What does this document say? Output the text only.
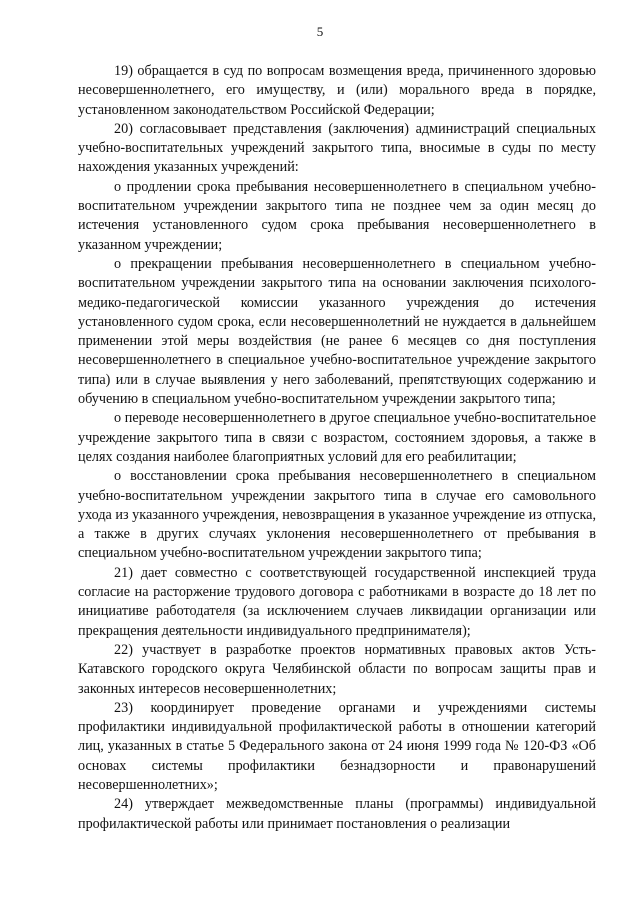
5

19) обращается в суд по вопросам возмещения вреда, причиненного здоровью несовершеннолетнего, его имуществу, и (или) морального вреда в порядке, установленном законодательством Российской Федерации;

20) согласовывает представления (заключения) администраций специальных учебно-воспитательных учреждений закрытого типа, вносимые в суды по месту нахождения указанных учреждений:

о продлении срока пребывания несовершеннолетнего в специальном учебно-воспитательном учреждении закрытого типа не позднее чем за один месяц до истечения установленного судом срока пребывания несовершеннолетнего в указанном учреждении;

о прекращении пребывания несовершеннолетнего в специальном учебно-воспитательном учреждении закрытого типа на основании заключения психолого-медико-педагогической комиссии указанного учреждения до истечения установленного судом срока, если несовершеннолетний не нуждается в дальнейшем применении этой меры воздействия (не ранее 6 месяцев со дня поступления несовершеннолетнего в специальное учебно-воспитательное учреждение закрытого типа) или в случае выявления у него заболеваний, препятствующих содержанию и обучению в специальном учебно-воспитательном учреждении закрытого типа;

о переводе несовершеннолетнего в другое специальное учебно-воспитательное учреждение закрытого типа в связи с возрастом, состоянием здоровья, а также в целях создания наиболее благоприятных условий для его реабилитации;

о восстановлении срока пребывания несовершеннолетнего в специальном учебно-воспитательном учреждении закрытого типа в случае его самовольного ухода из указанного учреждения, невозвращения в указанное учреждение из отпуска, а также в других случаях уклонения несовершеннолетнего от пребывания в специальном учебно-воспитательном учреждении закрытого типа;

21) дает совместно с соответствующей государственной инспекцией труда согласие на расторжение трудового договора с работниками в возрасте до 18 лет по инициативе работодателя (за исключением случаев ликвидации организации или прекращения деятельности индивидуального предпринимателя);

22) участвует в разработке проектов нормативных правовых актов Усть-Катавского городского округа Челябинской области по вопросам защиты прав и законных интересов несовершеннолетних;

23) координирует проведение органами и учреждениями системы профилактики индивидуальной профилактической работы в отношении категорий лиц, указанных в статье 5 Федерального закона от 24 июня 1999 года № 120-ФЗ «Об основах системы профилактики безнадзорности и правонарушений несовершеннолетних»;

24) утверждает межведомственные планы (программы) индивидуальной профилактической работы или принимает постановления о реализации
